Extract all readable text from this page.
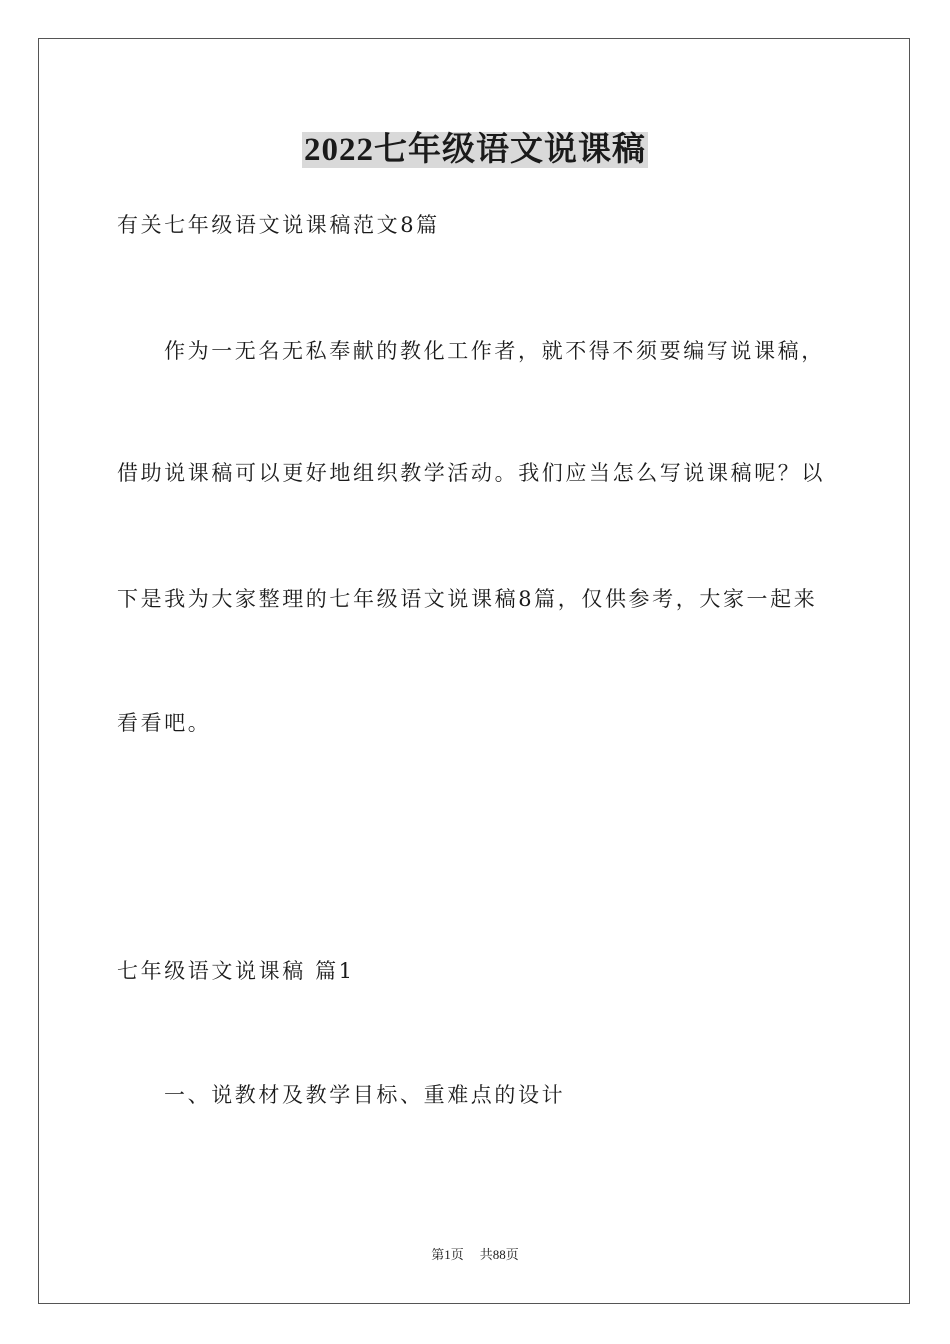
2022七年级语文说课稿
有关七年级语文说课稿范文8篇
作为一无名无私奉献的教化工作者，就不得不须要编写说课稿，
借助说课稿可以更好地组织教学活动。我们应当怎么写说课稿呢？以
下是我为大家整理的七年级语文说课稿8篇，仅供参考，大家一起来
看看吧。
七年级语文说课稿 篇1
一、说教材及教学目标、重难点的设计
第1页 共88页
